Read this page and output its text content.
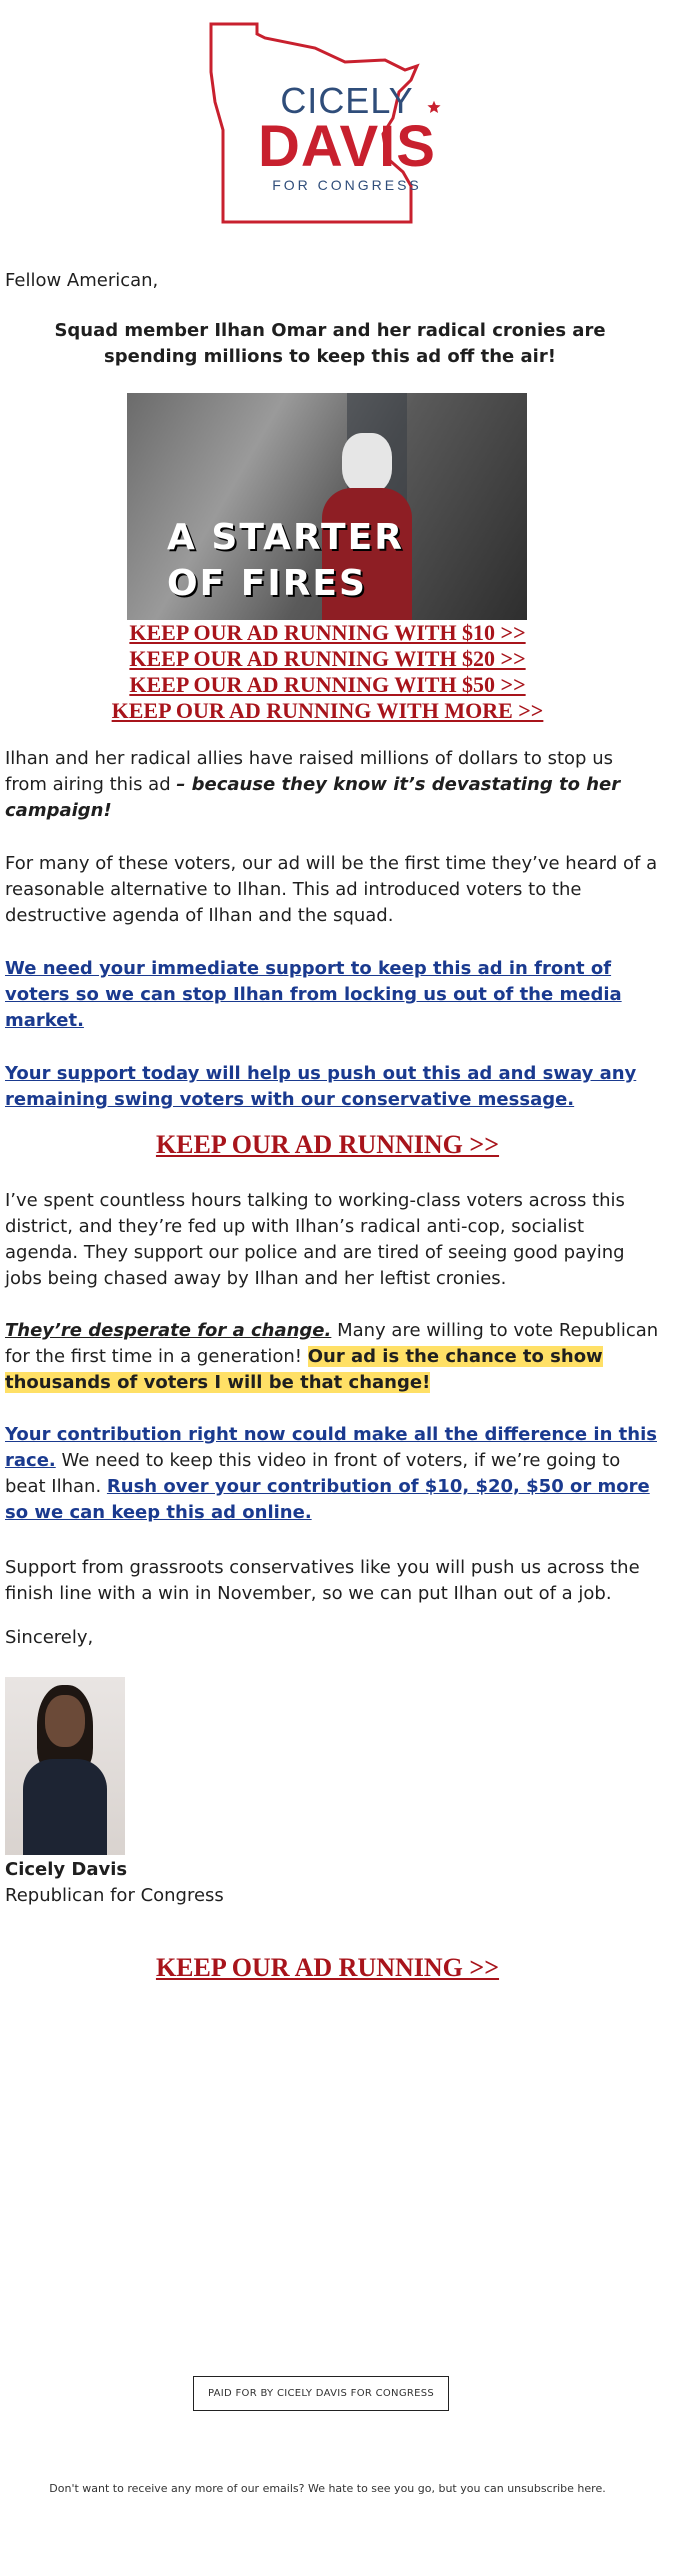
CICELY
DAVIS
FOR CONGRESS
Fellow American,
Squad member Ilhan Omar and her radical cronies are spending millions to keep this ad off the air!
A STARTER
OF FIRES
KEEP OUR AD RUNNING WITH $10 >>
KEEP OUR AD RUNNING WITH $20 >>
KEEP OUR AD RUNNING WITH $50 >>
KEEP OUR AD RUNNING WITH MORE >>
Ilhan and her radical allies have raised millions of dollars to stop us from airing this ad – because they know it’s devastating to her campaign!
For many of these voters, our ad will be the first time they’ve heard of a reasonable alternative to Ilhan. This ad introduced voters to the destructive agenda of Ilhan and the squad.
We need your immediate support to keep this ad in front of voters so we can stop Ilhan from locking us out of the media market.
Your support today will help us push out this ad and sway any remaining swing voters with our conservative message.
KEEP OUR AD RUNNING >>
I’ve spent countless hours talking to working-class voters across this district, and they’re fed up with Ilhan’s radical anti-cop, socialist agenda. They support our police and are tired of seeing good paying jobs being chased away by Ilhan and her leftist cronies.
They’re desperate for a change. Many are willing to vote Republican for the first time in a generation! Our ad is the chance to show thousands of voters I will be that change!
Your contribution right now could make all the difference in this race. We need to keep this video in front of voters, if we’re going to beat Ilhan. Rush over your contribution of $10, $20, $50 or more so we can keep this ad online.
Support from grassroots conservatives like you will push us across the finish line with a win in November, so we can put Ilhan out of a job.
Sincerely,
Cicely Davis
Republican for Congress
KEEP OUR AD RUNNING >>
PAID FOR BY CICELY DAVIS FOR CONGRESS
Don't want to receive any more of our emails? We hate to see you go, but you can unsubscribe here.
